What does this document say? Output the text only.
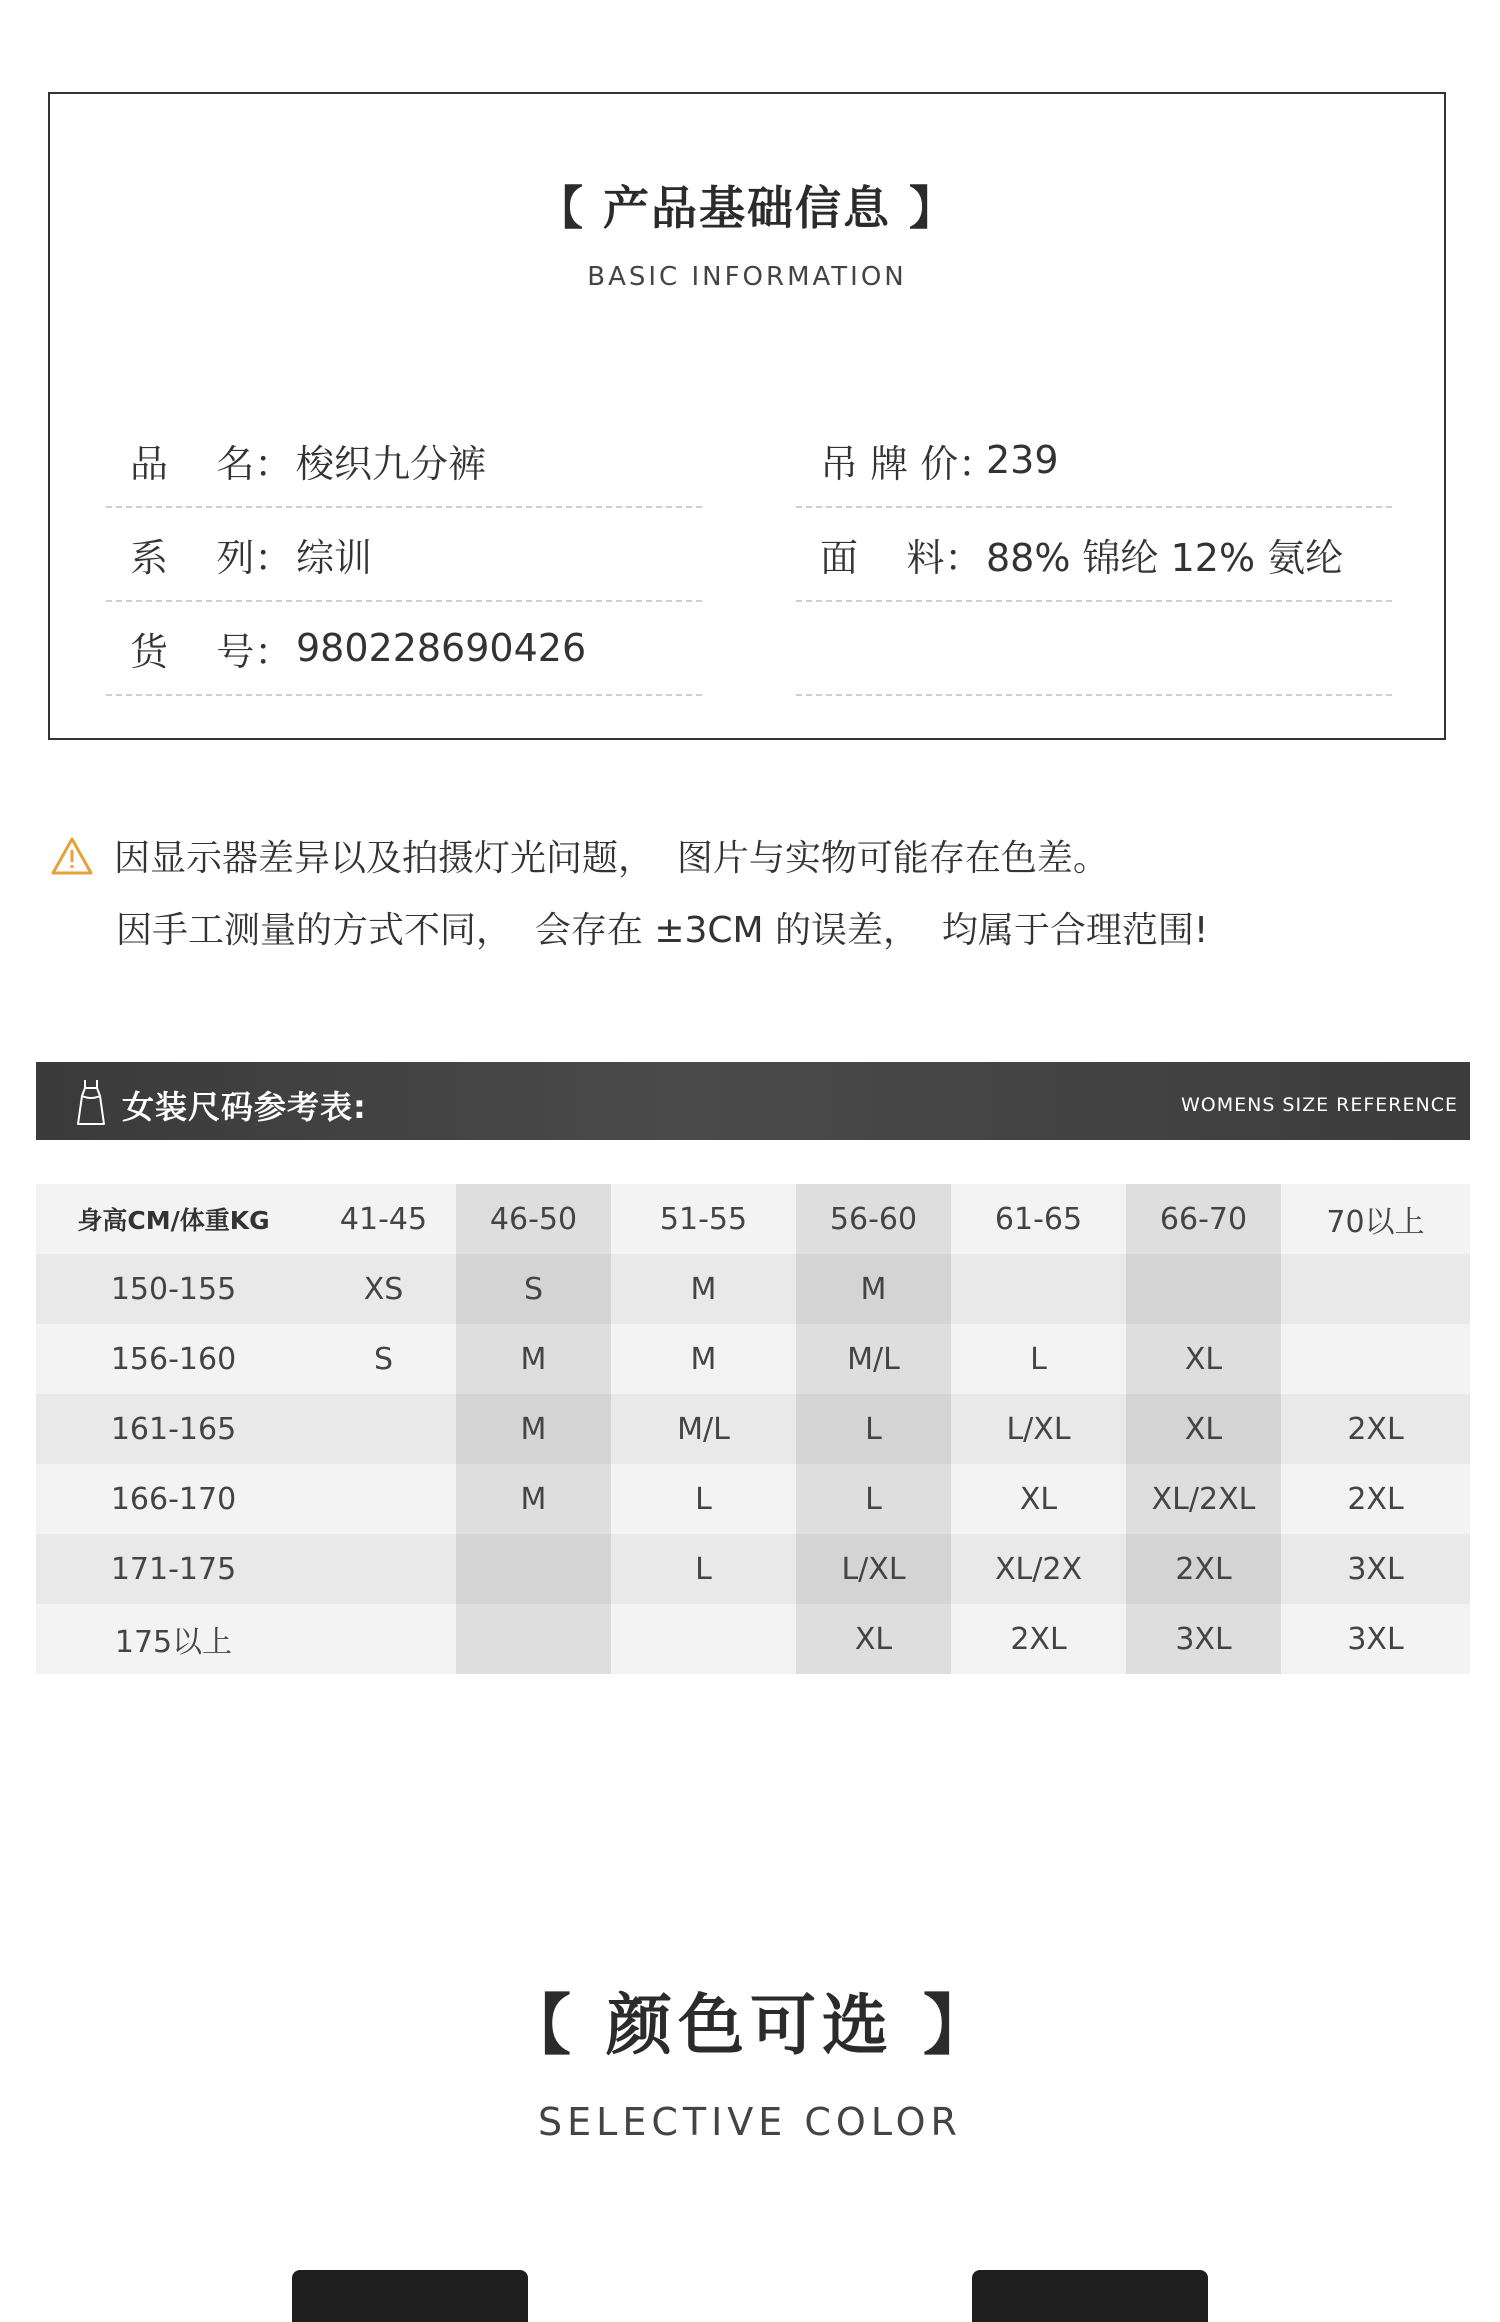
【 产品基础信息 】
BASIC INFORMATION
品    名： 梭织九分裤
系    列： 综训
货    号： 980228690426
吊 牌 价：
239
面    料： 88% 锦纶 12% 氨纶
因显示器差异以及拍摄灯光问题，  图片与实物可能存在色差。
因手工测量的方式不同，  会存在 ±3CM 的误差，  均属于合理范围!
女装尺码参考表:	WOMENS SIZE REFERENCE
身高CM/体重KG	41-45	46-50	51-55	56-60	61-65	66-70	70以上
150-155	XS	S	M	M			
156-160	S	M	M	M/L	L	XL	
161-165		M	M/L	L	L/XL	XL	2XL
166-170		M	L	L	XL	XL/2XL	2XL
171-175			L	L/XL	XL/2X	2XL	3XL
175以上				XL	2XL	3XL	3XL
【 颜色可选 】
SELECTIVE COLOR
